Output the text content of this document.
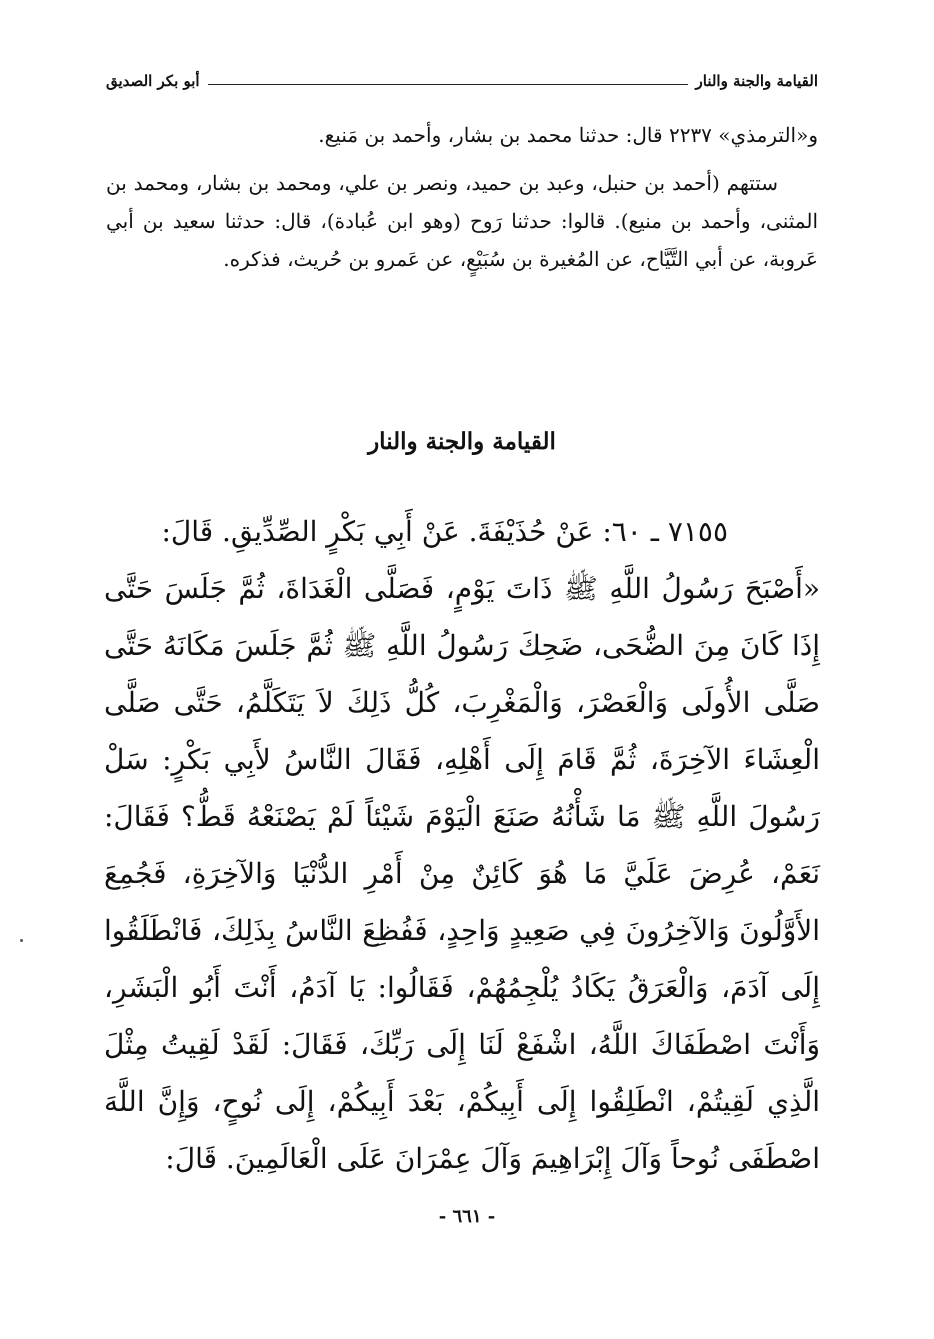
القيامة والجنة والنار
أبو بكر الصديق

و«الترمذي» ٢٢٣٧ قال: حدثنا محمد بن بشار، وأحمد بن مَنيع.

ستتهم (أحمد بن حنبل، وعبد بن حميد، ونصر بن علي، ومحمد بن بشار، ومحمد بن المثنى، وأحمد بن منيع). قالوا: حدثنا رَوح (وهو ابن عُبادة)، قال: حدثنا سعيد بن أبي عَروبة، عن أبي التَّيَّاح، عن المُغيرة بن سُبَيْعٍ، عن عَمرو بن حُريث، فذكره.

القيامة والجنة والنار
٧١٥٥ ـ ٦٠: عَنْ حُذَيْفَةَ. عَنْ أَبِي بَكْرٍ الصِّدِّيقِ. قَالَ:
«أَصْبَحَ رَسُولُ اللَّهِ ﷺ ذَاتَ يَوْمٍ، فَصَلَّى الْغَدَاةَ، ثُمَّ جَلَسَ حَتَّى إِذَا كَانَ مِنَ الضُّحَى، ضَحِكَ رَسُولُ اللَّهِ ﷺ ثُمَّ جَلَسَ مَكَانَهُ حَتَّى صَلَّى الأُولَى وَالْعَصْرَ، وَالْمَغْرِبَ، كُلُّ ذَلِكَ لاَ يَتَكَلَّمُ، حَتَّى صَلَّى الْعِشَاءَ الآخِرَةَ، ثُمَّ قَامَ إِلَى أَهْلِهِ، فَقَالَ النَّاسُ لأَبِي بَكْرٍ: سَلْ رَسُولَ اللَّهِ ﷺ مَا شَأْنُهُ صَنَعَ الْيَوْمَ شَيْئاً لَمْ يَصْنَعْهُ قَطُّ؟ فَقَالَ: نَعَمْ، عُرِضَ عَلَيَّ مَا هُوَ كَائِنٌ مِنْ أَمْرِ الدُّنْيَا وَالآخِرَةِ، فَجُمِعَ الأَوَّلُونَ وَالآخِرُونَ فِي صَعِيدٍ وَاحِدٍ، فَفُظِعَ النَّاسُ بِذَلِكَ، فَانْطَلَقُوا إِلَى آدَمَ، وَالْعَرَقُ يَكَادُ يُلْجِمُهُمْ، فَقَالُوا: يَا آدَمُ، أَنْتَ أَبُو الْبَشَرِ، وَأَنْتَ اصْطَفَاكَ اللَّهُ، اشْفَعْ لَنَا إِلَى رَبِّكَ، فَقَالَ: لَقَدْ لَقِيتُ مِثْلَ الَّذِي لَقِيتُمْ، انْطَلِقُوا إِلَى أَبِيكُمْ، بَعْدَ أَبِيكُمْ، إِلَى نُوحٍ، وَإِنَّ اللَّهَ اصْطَفَى نُوحاً وَآلَ إِبْرَاهِيمَ وَآلَ عِمْرَانَ عَلَى الْعَالَمِينَ. قَالَ:
- ٦٦١ -
